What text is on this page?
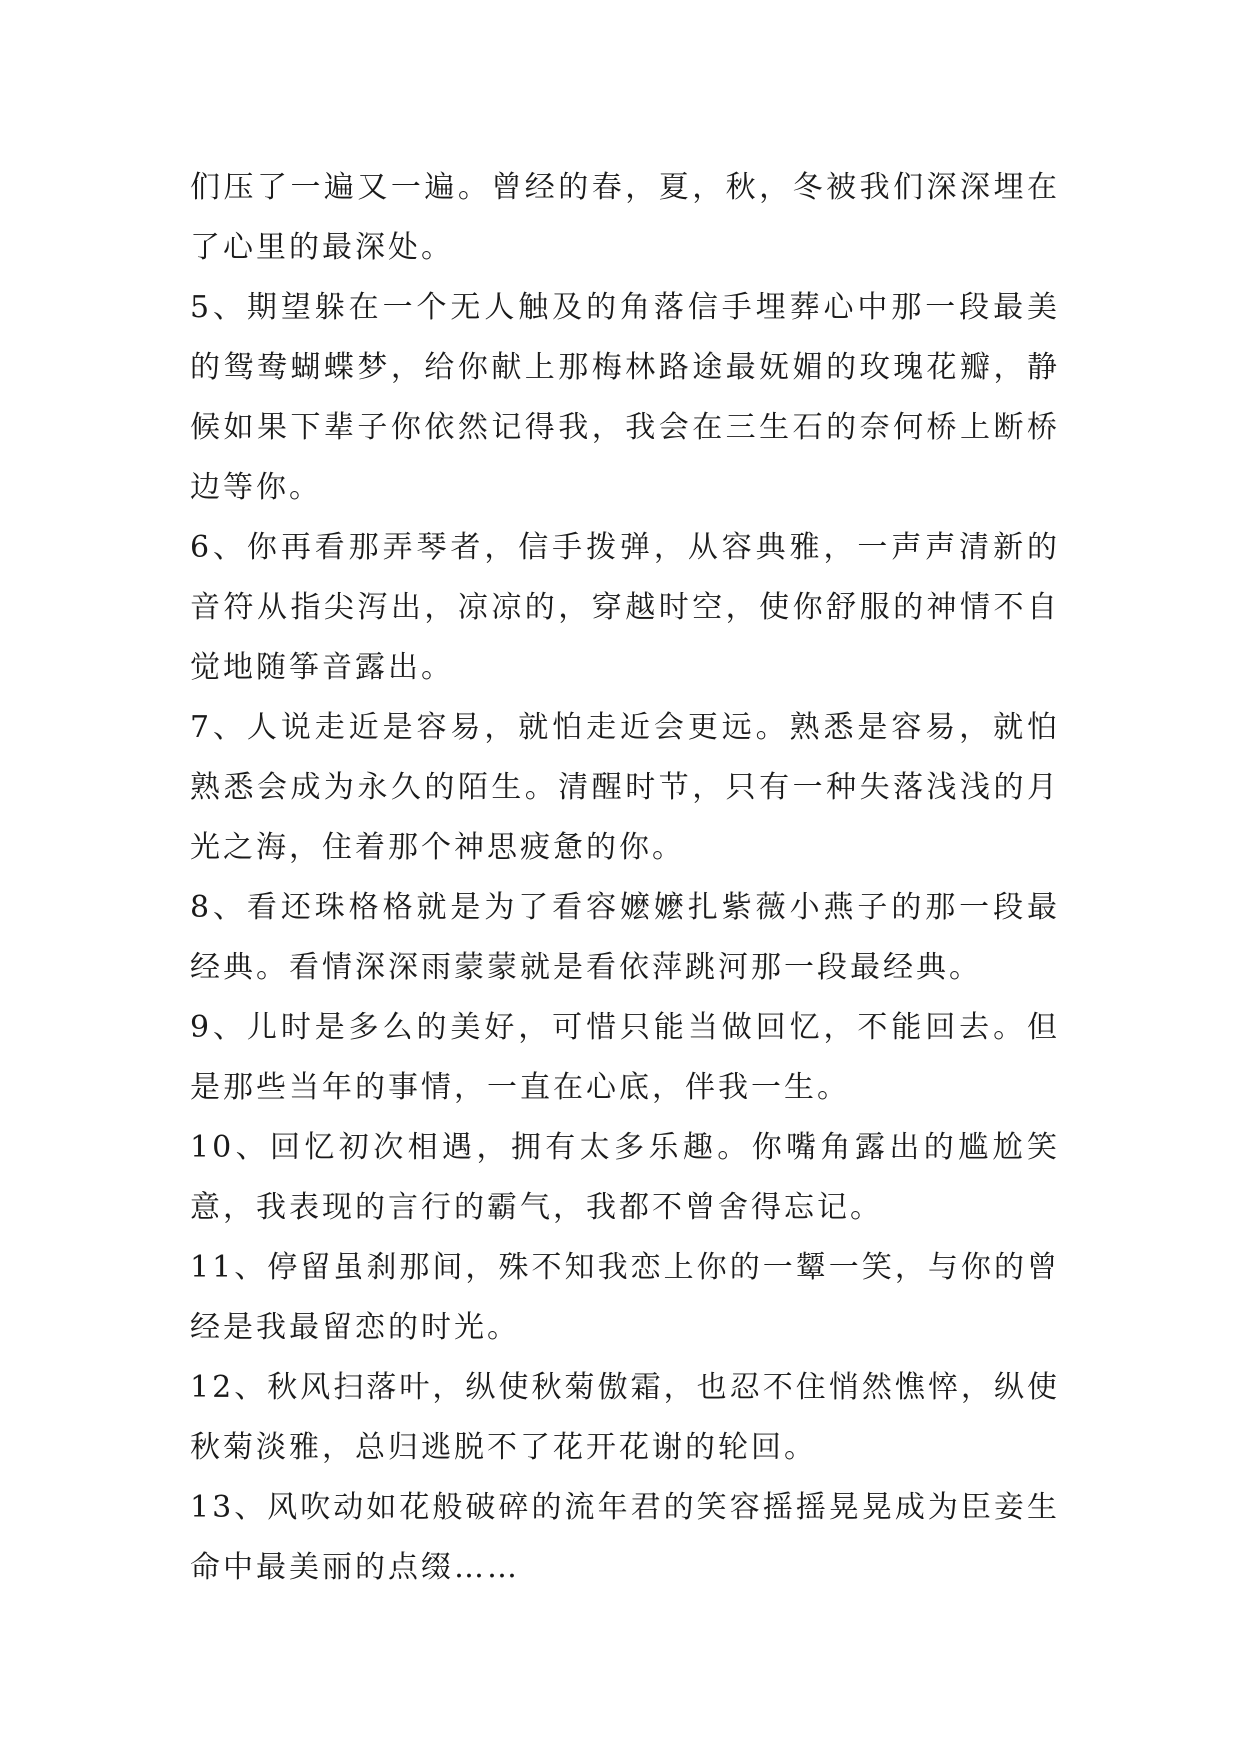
们压了一遍又一遍。曾经的春，夏，秋，冬被我们深深埋在了心里的最深处。

5、期望躲在一个无人触及的角落信手埋葬心中那一段最美的鸳鸯蝴蝶梦，给你献上那梅林路途最妩媚的玫瑰花瓣，静候如果下辈子你依然记得我，我会在三生石的奈何桥上断桥边等你。

6、你再看那弄琴者，信手拨弹，从容典雅，一声声清新的音符从指尖泻出，凉凉的，穿越时空，使你舒服的神情不自觉地随筝音露出。

7、人说走近是容易，就怕走近会更远。熟悉是容易，就怕熟悉会成为永久的陌生。清醒时节，只有一种失落浅浅的月光之海，住着那个神思疲惫的你。

8、看还珠格格就是为了看容嬷嬷扎紫薇小燕子的那一段最经典。看情深深雨蒙蒙就是看依萍跳河那一段最经典。

9、儿时是多么的美好，可惜只能当做回忆，不能回去。但是那些当年的事情，一直在心底，伴我一生。

10、回忆初次相遇，拥有太多乐趣。你嘴角露出的尴尬笑意，我表现的言行的霸气，我都不曾舍得忘记。

11、停留虽刹那间，殊不知我恋上你的一颦一笑，与你的曾经是我最留恋的时光。

12、秋风扫落叶，纵使秋菊傲霜，也忍不住悄然憔悴，纵使秋菊淡雅，总归逃脱不了花开花谢的轮回。

13、风吹动如花般破碎的流年君的笑容摇摇晃晃成为臣妾生命中最美丽的点缀……
